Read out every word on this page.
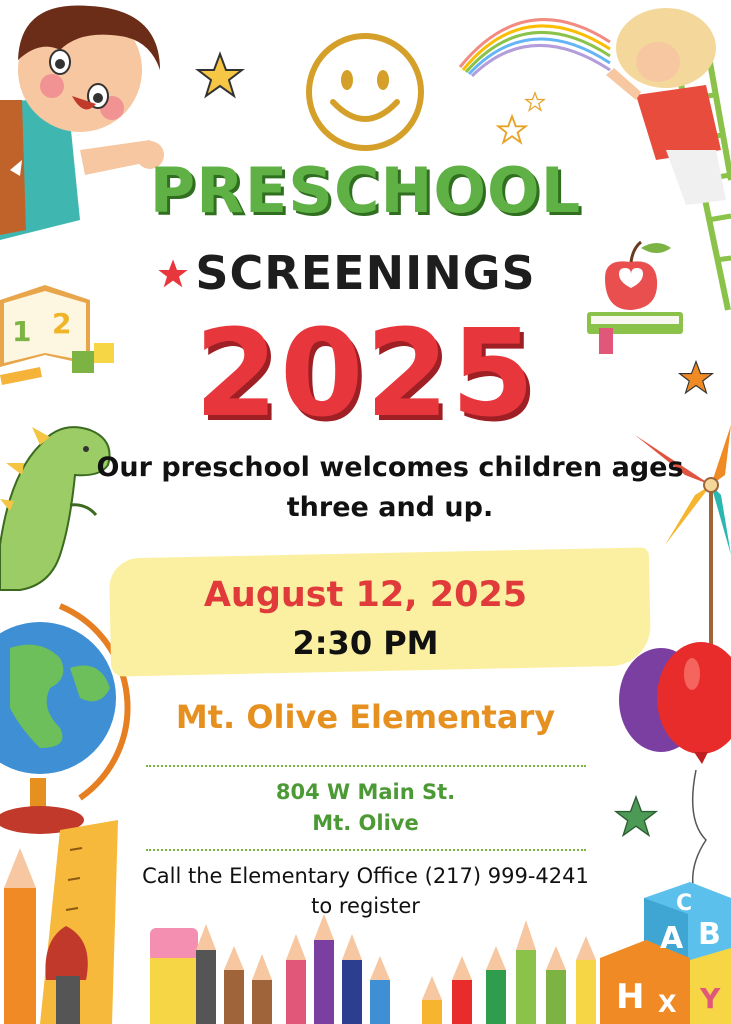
1 2
A B
C
H X Y
PRESCHOOL
SCREENINGS
2025
Our preschool welcomes children ages three and up.
August 12, 2025
2:30 PM
Mt. Olive Elementary
804 W Main St.
Mt. Olive
Call the Elementary Office (217) 999-4241
to register
